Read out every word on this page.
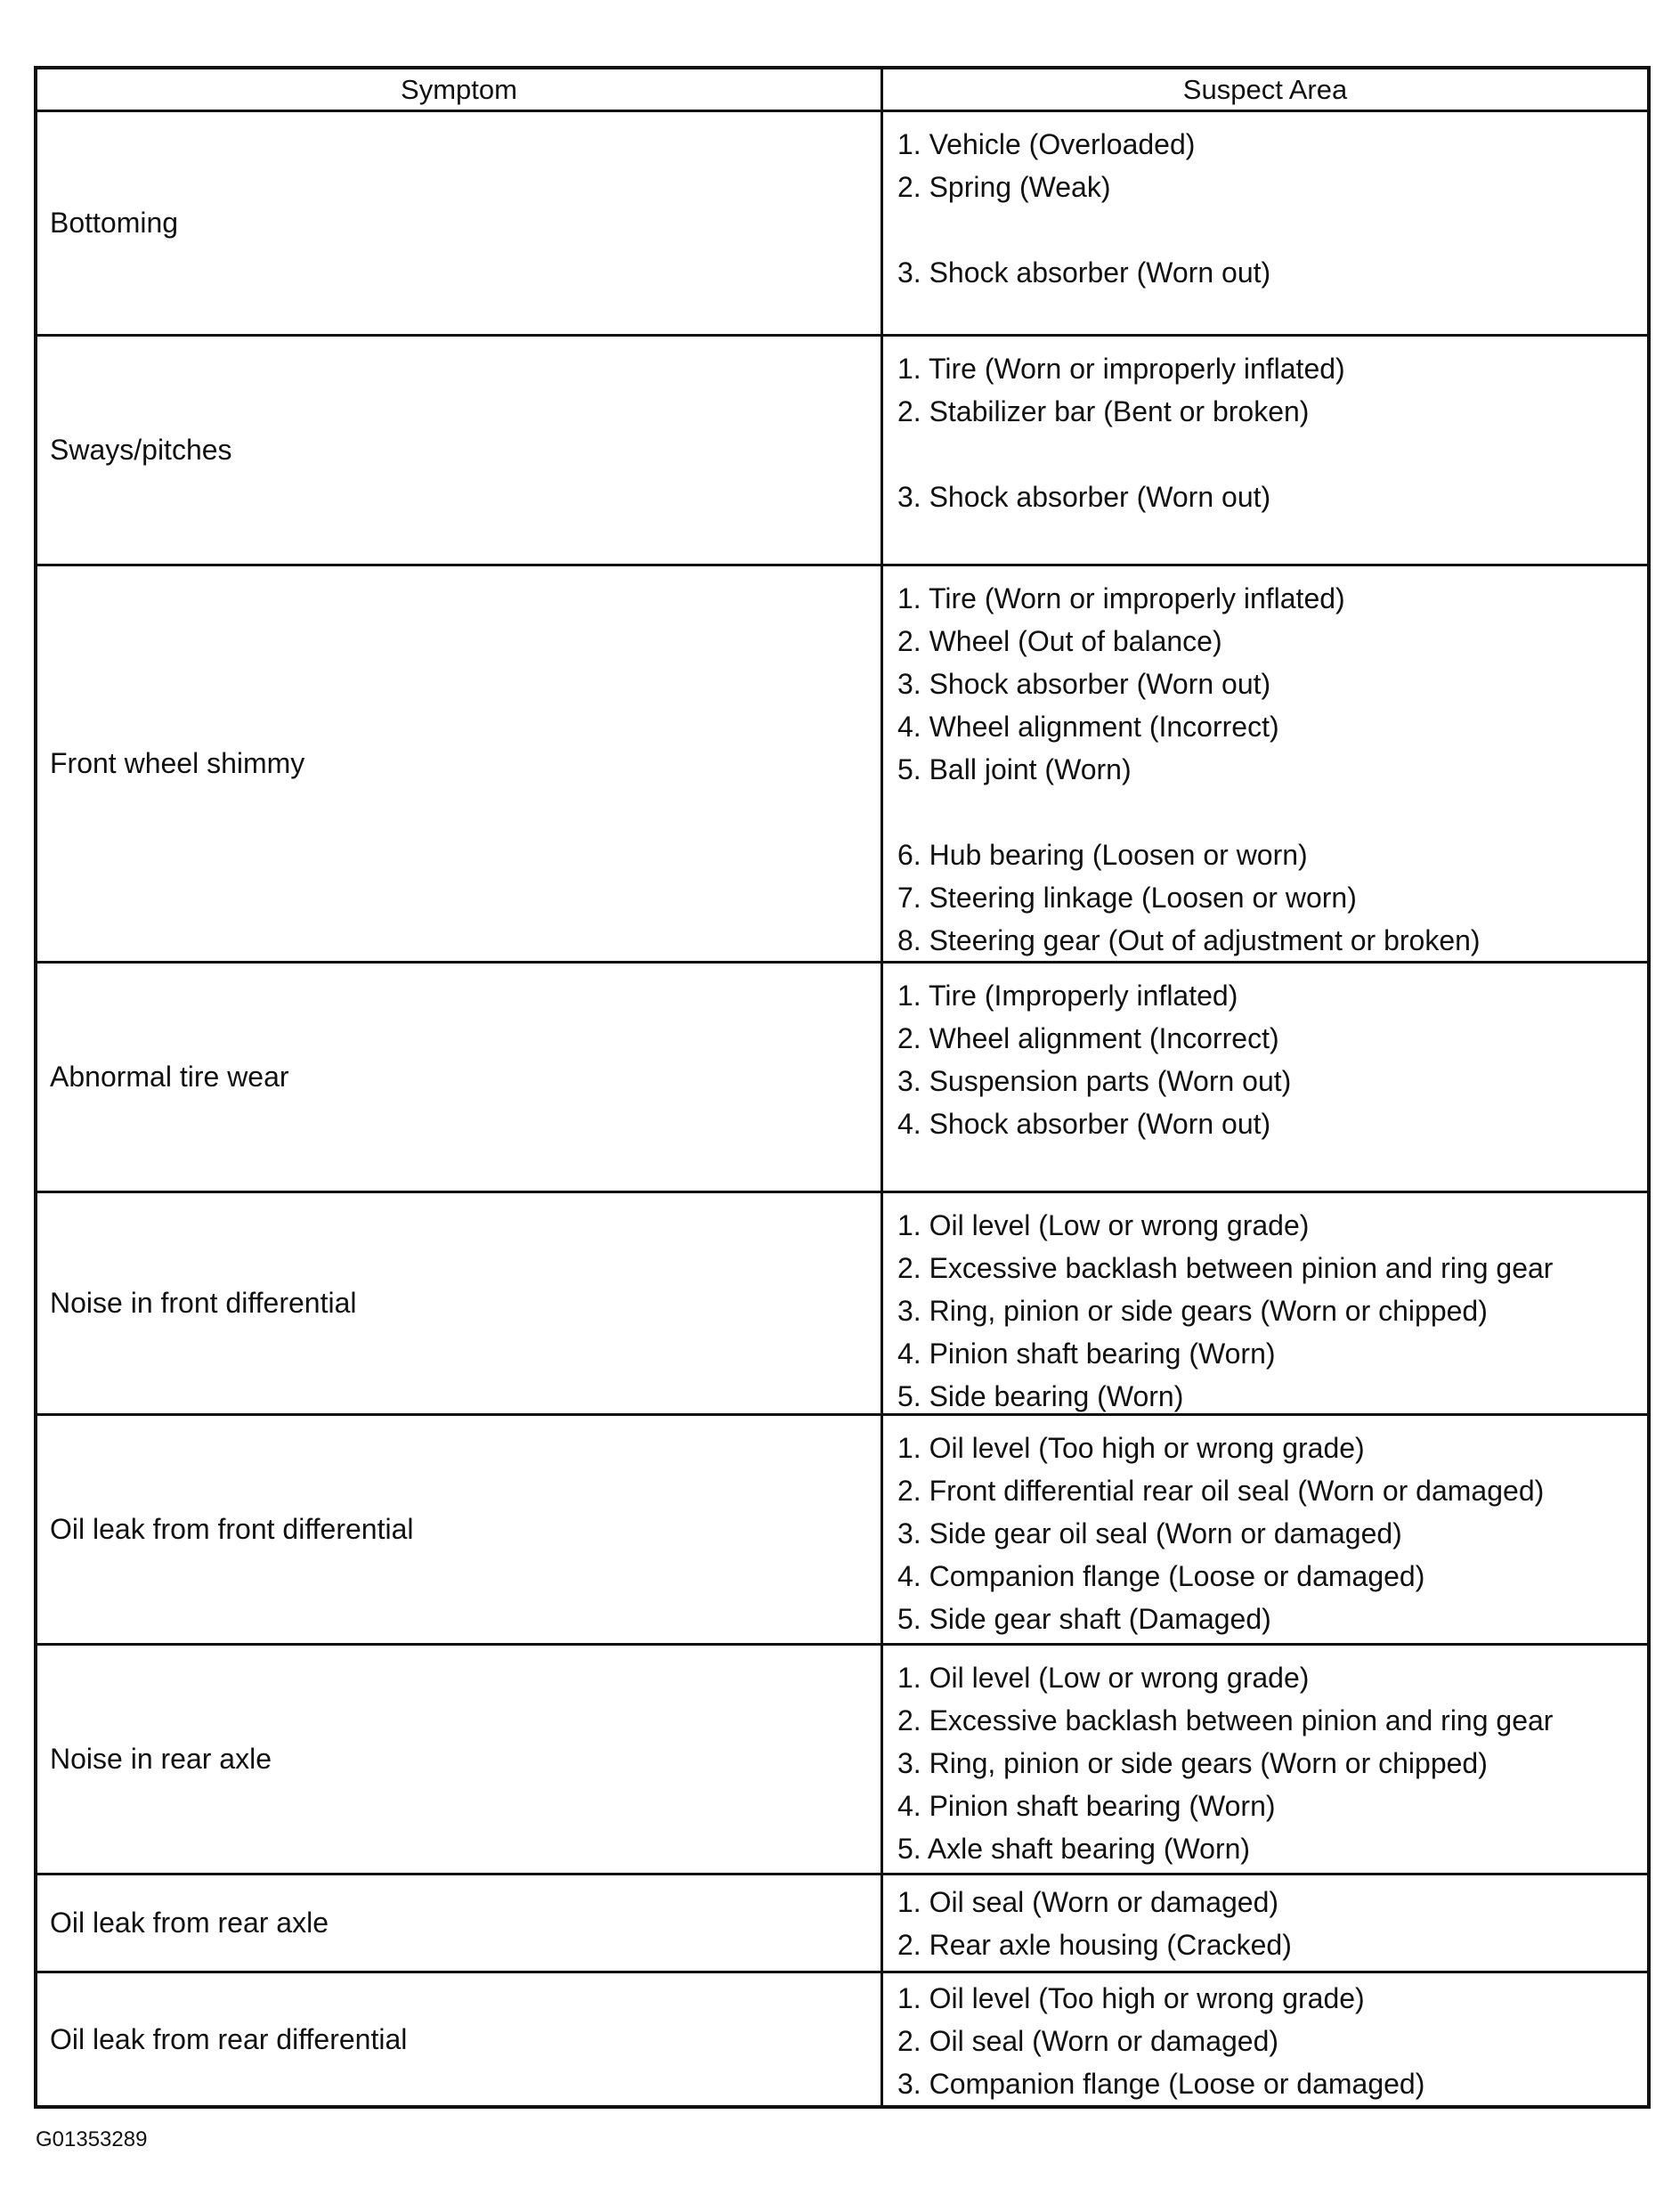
Symptom	Suspect Area
Bottoming
1. Vehicle (Overloaded)
2. Spring (Weak)
3. Shock absorber (Worn out)
Sways/pitches
1. Tire (Worn or improperly inflated)
2. Stabilizer bar (Bent or broken)
3. Shock absorber (Worn out)
Front wheel shimmy
1. Tire (Worn or improperly inflated)
2. Wheel (Out of balance)
3. Shock absorber (Worn out)
4. Wheel alignment (Incorrect)
5. Ball joint (Worn)
6. Hub bearing (Loosen or worn)
7. Steering linkage (Loosen or worn)
8. Steering gear (Out of adjustment or broken)
Abnormal tire wear
1. Tire (Improperly inflated)
2. Wheel alignment (Incorrect)
3. Suspension parts (Worn out)
4. Shock absorber (Worn out)
Noise in front differential
1. Oil level (Low or wrong grade)
2. Excessive backlash between pinion and ring gear
3. Ring, pinion or side gears (Worn or chipped)
4. Pinion shaft bearing (Worn)
5. Side bearing (Worn)
Oil leak from front differential
1. Oil level (Too high or wrong grade)
2. Front differential rear oil seal (Worn or damaged)
3. Side gear oil seal (Worn or damaged)
4. Companion flange (Loose or damaged)
5. Side gear shaft (Damaged)
Noise in rear axle
1. Oil level (Low or wrong grade)
2. Excessive backlash between pinion and ring gear
3. Ring, pinion or side gears (Worn or chipped)
4. Pinion shaft bearing (Worn)
5. Axle shaft bearing (Worn)
Oil leak from rear axle
1. Oil seal (Worn or damaged)
2. Rear axle housing (Cracked)
Oil leak from rear differential
1. Oil level (Too high or wrong grade)
2. Oil seal (Worn or damaged)
3. Companion flange (Loose or damaged)
G01353289
